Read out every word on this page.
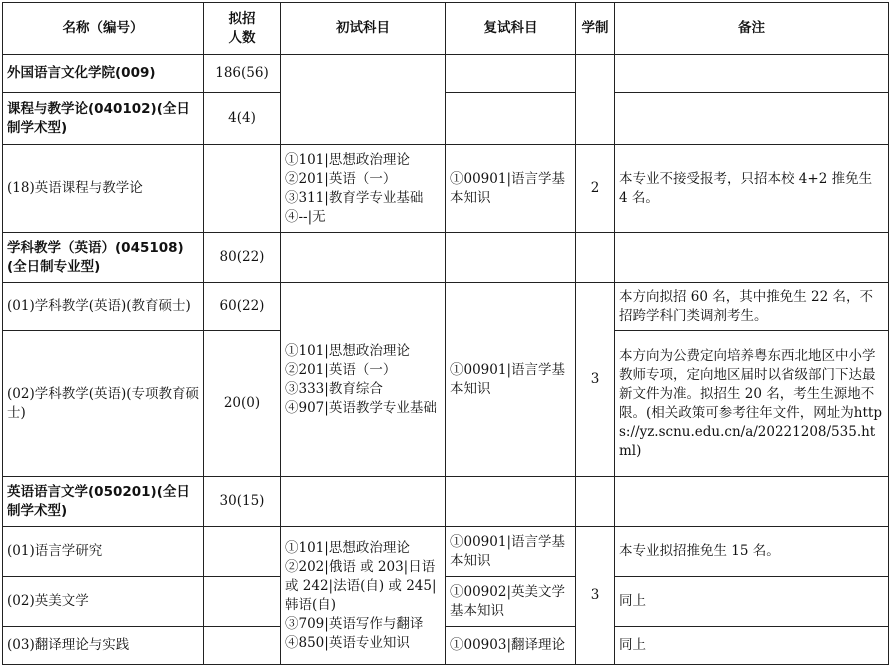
名称（编号）	拟招人数	初试科目	复试科目	学制	备注
外国语言文化学院(009)	186(56)				
课程与教学论(040102)(全日制学术型)	4(4)				
(18)英语课程与教学论		①101|思想政治理论
②201|英语（一）
③311|教育学专业基础
④--|无	①00901|语言学基本知识	2	本专业不接受报考，只招本校 4+2 推免生 4 名。
学科教学（英语）(045108)(全日制专业型)	80(22)				
(01)学科教学(英语)(教育硕士)	60(22)	①101|思想政治理论
②201|英语（一）
③333|教育综合
④907|英语教学专业基础	①00901|语言学基本知识	3	本方向拟招 60 名，其中推免生 22 名，不招跨学科门类调剂考生。
(02)学科教学(英语)(专项教育硕士)	20(0)				本方向为公费定向培养粤东西北地区中小学教师专项，定向地区届时以省级部门下达最新文件为准。拟招生 20 名，考生生源地不限。(相关政策可参考往年文件，网址为https://yz.scnu.edu.cn/a/20221208/535.html)
英语语言文学(050201)(全日制学术型)	30(15)				
(01)语言学研究		①101|思想政治理论
②202|俄语 或 203|日语 或 242|法语(自) 或 245|韩语(自)
③709|英语写作与翻译
④850|英语专业知识	①00901|语言学基本知识	3	本专业拟招推免生 15 名。
(02)英美文学			①00902|英美文学基本知识		同上
(03)翻译理论与实践			①00903|翻译理论		同上
